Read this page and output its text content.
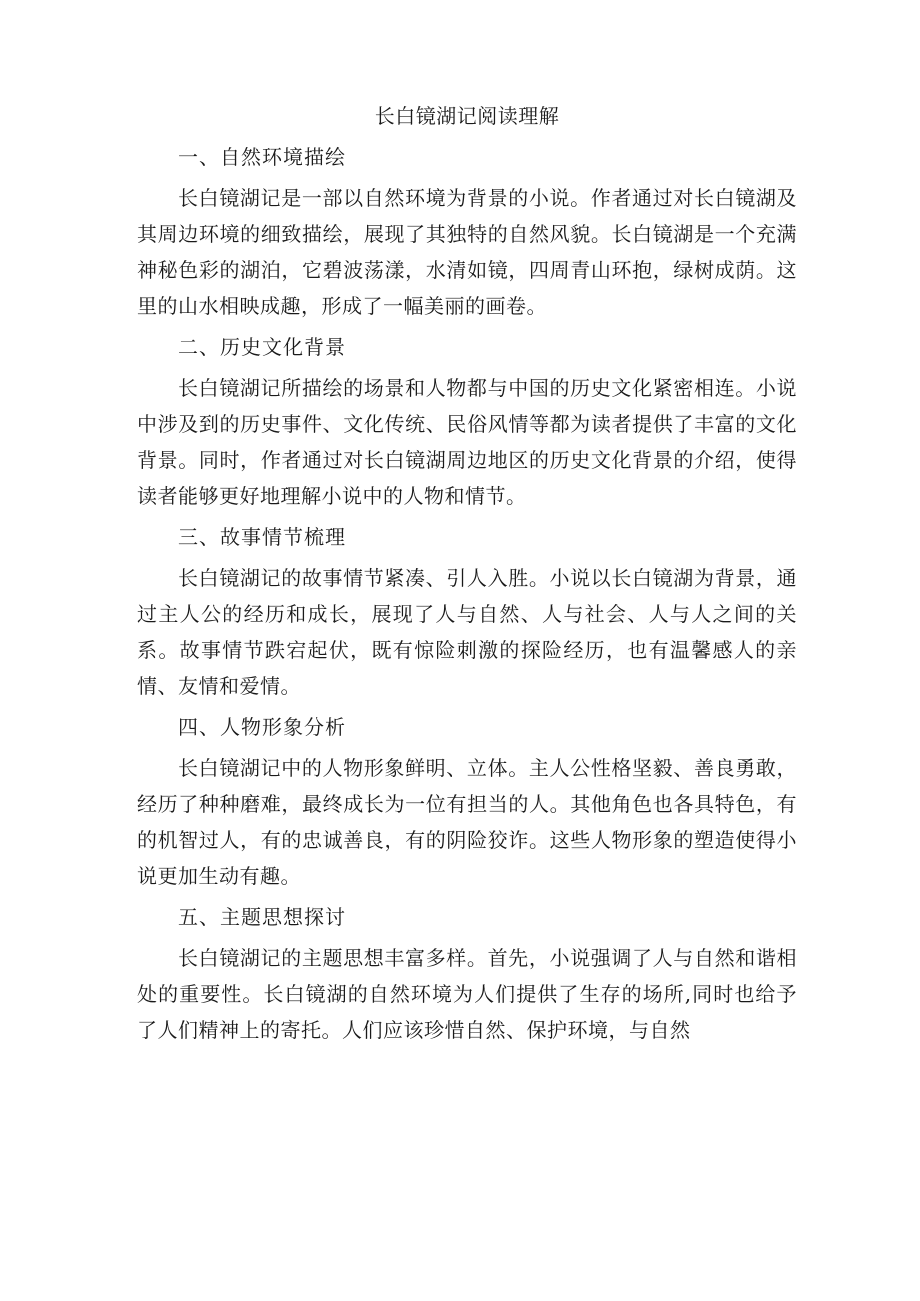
长白镜湖记阅读理解

一、自然环境描绘

长白镜湖记是一部以自然环境为背景的小说。作者通过对长白镜湖及其周边环境的细致描绘，展现了其独特的自然风貌。长白镜湖是一个充满神秘色彩的湖泊，它碧波荡漾，水清如镜，四周青山环抱，绿树成荫。这里的山水相映成趣，形成了一幅美丽的画卷。

二、历史文化背景

长白镜湖记所描绘的场景和人物都与中国的历史文化紧密相连。小说中涉及到的历史事件、文化传统、民俗风情等都为读者提供了丰富的文化背景。同时，作者通过对长白镜湖周边地区的历史文化背景的介绍，使得读者能够更好地理解小说中的人物和情节。

三、故事情节梳理

长白镜湖记的故事情节紧凑、引人入胜。小说以长白镜湖为背景，通过主人公的经历和成长，展现了人与自然、人与社会、人与人之间的关系。故事情节跌宕起伏，既有惊险刺激的探险经历，也有温馨感人的亲情、友情和爱情。

四、人物形象分析

长白镜湖记中的人物形象鲜明、立体。主人公性格坚毅、善良勇敢，经历了种种磨难，最终成长为一位有担当的人。其他角色也各具特色，有的机智过人，有的忠诚善良，有的阴险狡诈。这些人物形象的塑造使得小说更加生动有趣。

五、主题思想探讨

长白镜湖记的主题思想丰富多样。首先，小说强调了人与自然和谐相处的重要性。长白镜湖的自然环境为人们提供了生存的场所,同时也给予了人们精神上的寄托。人们应该珍惜自然、保护环境，与自然
